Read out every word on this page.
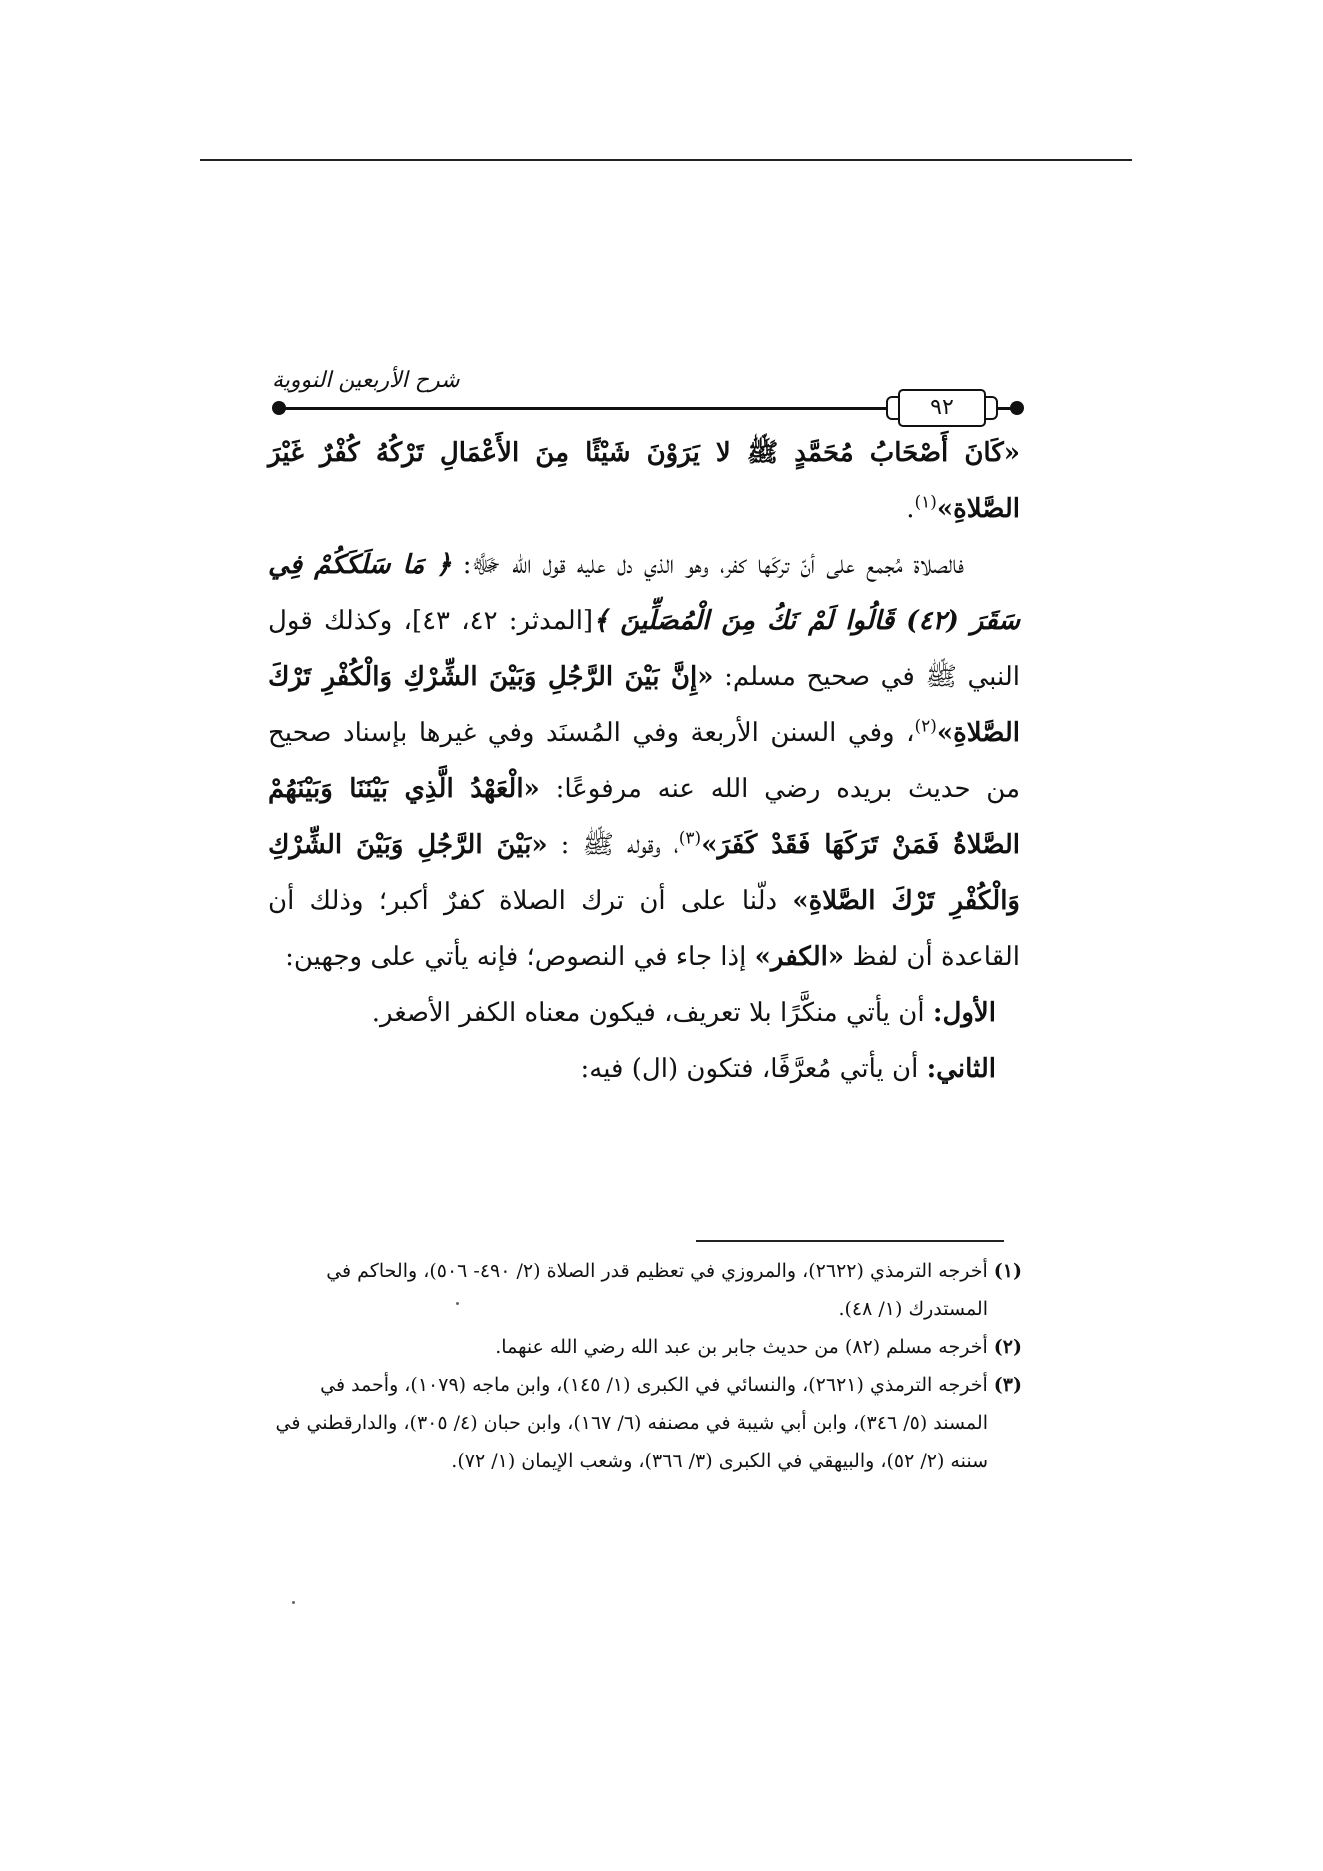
شرح الأربعين النووية
٩٢

«كَانَ أَصْحَابُ مُحَمَّدٍ ﷺ لا يَرَوْنَ شَيْئًا مِنَ الأَعْمَالِ تَرْكُهُ كُفْرٌ غَيْرَ الصَّلاةِ»$^{(١)}$.

فالصلاة مُجمع على أنّ تركَها كفر، وهو الذي دل عليه قول الله ﷻ: ﴿ مَا سَلَكَكُمْ فِي سَقَرَ (٤٢) قَالُوا لَمْ نَكُ مِنَ الْمُصَلِّينَ ﴾[المدثر: ٤٢، ٤٣]، وكذلك قول النبي ﷺ في صحيح مسلم: «إِنَّ بَيْنَ الرَّجُلِ وَبَيْنَ الشِّرْكِ وَالْكُفْرِ تَرْكَ الصَّلاةِ»$^{(٢)}$، وفي السنن الأربعة وفي المُسنَد وفي غيرها بإسناد صحيح من حديث بريده رضي الله عنه مرفوعًا: «الْعَهْدُ الَّذِي بَيْنَنَا وَبَيْنَهُمْ الصَّلاةُ فَمَنْ تَرَكَهَا فَقَدْ كَفَرَ»$^{(٣)}$، وقوله ﷺ : «بَيْنَ الرَّجُلِ وَبَيْنَ الشِّرْكِ وَالْكُفْرِ تَرْكَ الصَّلاةِ» دلّنا على أن ترك الصلاة كفرٌ أكبر؛ وذلك أن القاعدة أن لفظ «الكفر» إذا جاء في النصوص؛ فإنه يأتي على وجهين:

الأول: أن يأتي منكَّرًا بلا تعريف، فيكون معناه الكفر الأصغر.

الثاني: أن يأتي مُعرَّفًا، فتكون (ال) فيه:

(١) أخرجه الترمذي (٢٦٢٢)، والمروزي في تعظيم قدر الصلاة (٢/ ٤٩٠- ٥٠٦)، والحاكم في

المستدرك (١/ ٤٨).

(٢) أخرجه مسلم (٨٢) من حديث جابر بن عبد الله رضي الله عنهما.

(٣) أخرجه الترمذي (٢٦٢١)، والنسائي في الكبرى (١/ ١٤٥)، وابن ماجه (١٠٧٩)، وأحمد في

المسند (٥/ ٣٤٦)، وابن أبي شيبة في مصنفه (٦/ ١٦٧)، وابن حبان (٤/ ٣٠٥)، والدارقطني في

سننه (٢/ ٥٢)، والبيهقي في الكبرى (٣/ ٣٦٦)، وشعب الإيمان (١/ ٧٢).
